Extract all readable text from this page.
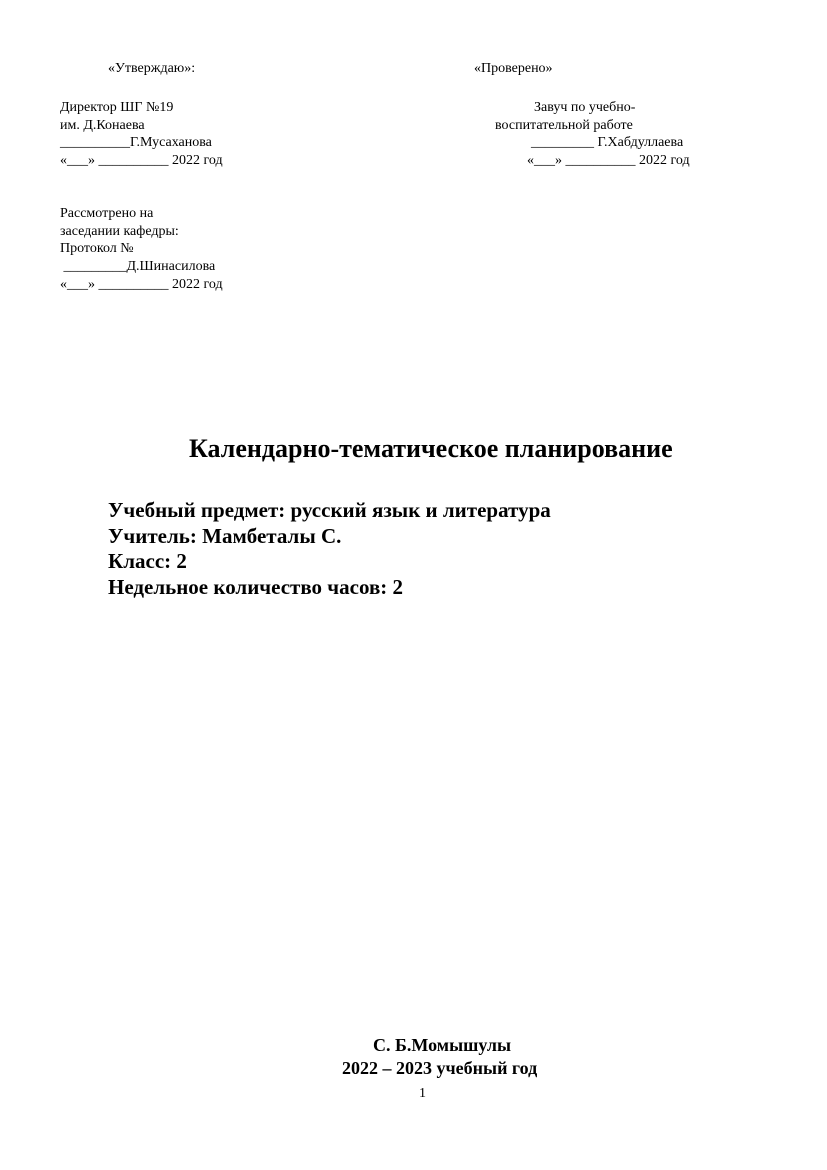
«Утверждаю»:
Директор ШГ №19
им. Д.Конаева
__________Г.Мусаханова
«___» __________ 2022 год
«Проверено»
Завуч по учебно-
воспитательной работе
_________ Г.Хабдуллаева
«___» __________ 2022 год
Рассмотрено на
заседании кафедры:
Протокол №
_________Д.Шинасилова
«___» __________ 2022 год
Календарно-тематическое планирование
Учебный предмет: русский язык и литература
Учитель: Мамбеталы С.
Класс: 2
Недельное количество часов: 2
С. Б.Момышулы
2022 – 2023 учебный год
1
